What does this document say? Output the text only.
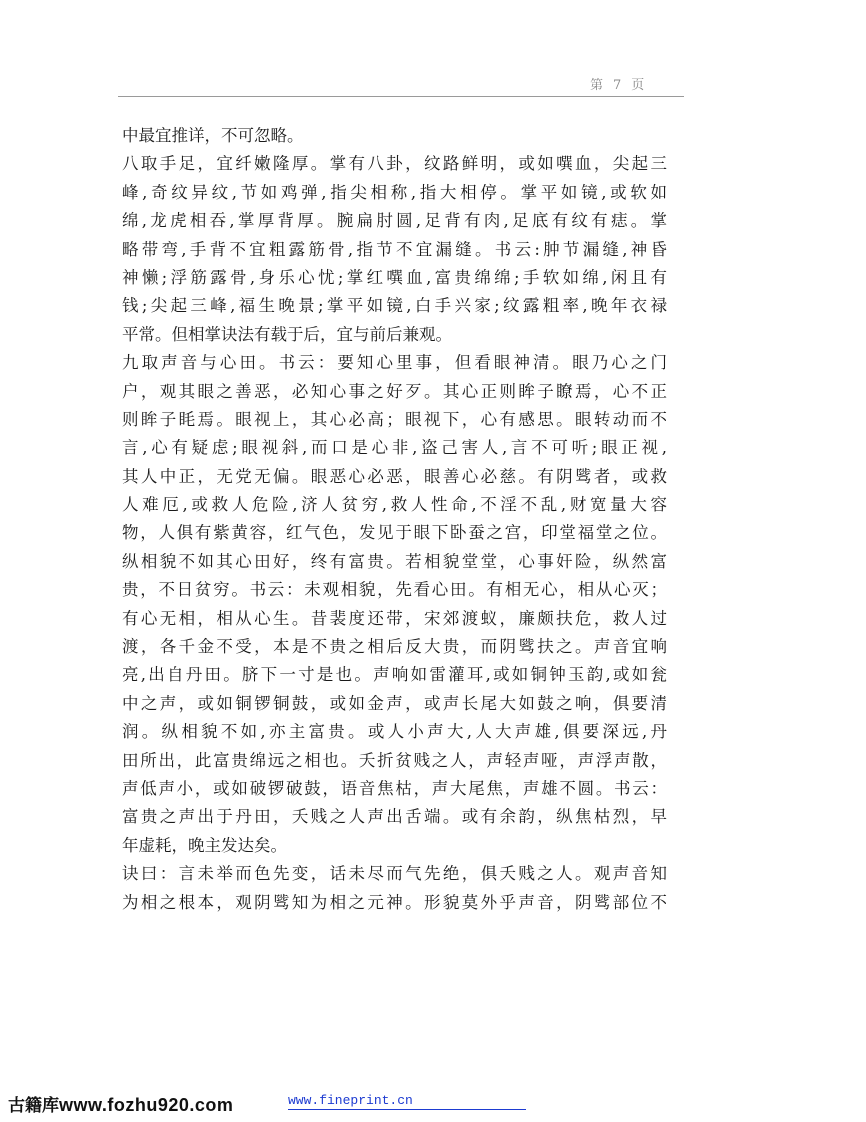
第 7 页
中最宜推详，不可忽略。
八取手足，宜纤嫩隆厚。掌有八卦，纹路鲜明，或如噀血，尖起三
峰,奇纹异纹,节如鸡弹,指尖相称,指大相停。掌平如镜,或软如
绵,龙虎相吞,掌厚背厚。腕扁肘圆,足背有肉,足底有纹有痣。掌
略带弯,手背不宜粗露筋骨,指节不宜漏缝。书云:肿节漏缝,神昏
神懒;浮筋露骨,身乐心忧;掌红噀血,富贵绵绵;手软如绵,闲且有
钱;尖起三峰,福生晚景;掌平如镜,白手兴家;纹露粗率,晚年衣禄
平常。但相掌诀法有载于后，宜与前后兼观。
九取声音与心田。书云：要知心里事，但看眼神清。眼乃心之门
户，观其眼之善恶，必知心事之好歹。其心正则眸子瞭焉，心不正
则眸子眊焉。眼视上，其心必高；眼视下，心有感思。眼转动而不
言,心有疑虑;眼视斜,而口是心非,盗己害人,言不可听;眼正视,
其人中正，无党无偏。眼恶心必恶，眼善心必慈。有阴骘者，或救
人难厄,或救人危险,济人贫穷,救人性命,不淫不乱,财宽量大容
物，人俱有紫黄容，红气色，发见于眼下卧蚕之宫，印堂福堂之位。
纵相貌不如其心田好，终有富贵。若相貌堂堂，心事奸险，纵然富
贵，不日贫穷。书云：未观相貌，先看心田。有相无心，相从心灭；
有心无相，相从心生。昔裴度还带，宋郊渡蚁，廉颇扶危，救人过
渡，各千金不受，本是不贵之相后反大贵，而阴骘扶之。声音宜响
亮,出自丹田。脐下一寸是也。声响如雷灌耳,或如铜钟玉韵,或如瓮
中之声，或如铜锣铜鼓，或如金声，或声长尾大如鼓之响，俱要清
润。纵相貌不如,亦主富贵。或人小声大,人大声雄,俱要深远,丹
田所出，此富贵绵远之相也。夭折贫贱之人，声轻声哑，声浮声散，
声低声小，或如破锣破鼓，语音焦枯，声大尾焦，声雄不圆。书云：
富贵之声出于丹田，夭贱之人声出舌端。或有余韵，纵焦枯烈，早
年虚耗，晚主发达矣。
诀曰：言未举而色先变，话未尽而气先绝，俱夭贱之人。观声音知
为相之根本，观阴骘知为相之元神。形貌莫外乎声音，阴骘部位不
古籍库www.fozhu920.com	www.fineprint.cn
